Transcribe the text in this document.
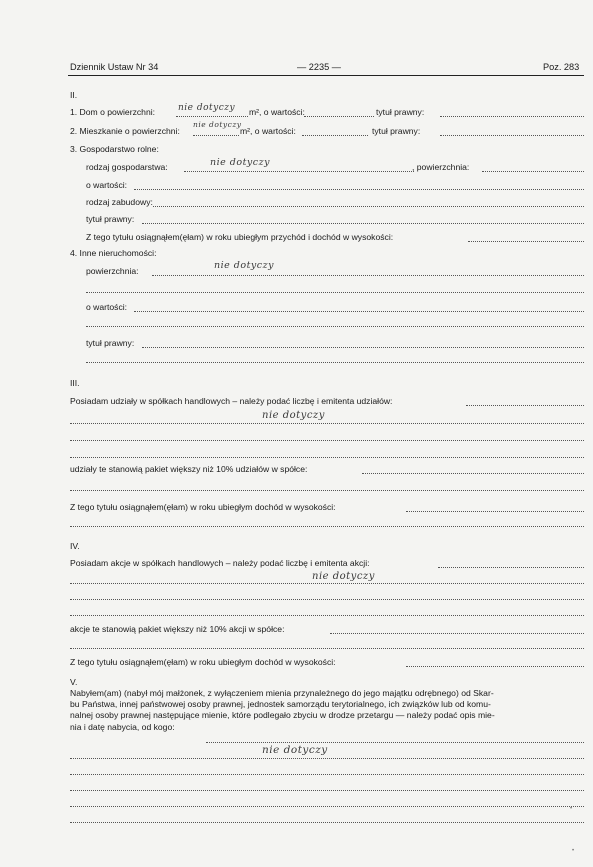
Dziennik Ustaw Nr 34	— 2235 —	Poz. 283
II.
1. Dom o powierzchni:	nie dotyczy m², o wartości:	tytuł prawny:
2. Mieszkanie o powierzchni:
nie dotyczy
m², o wartości:	tytuł prawny:
3. Gospodarstwo rolne:
rodzaj gospodarstwa:	nie dotyczy	, powierzchnia:
o wartości:
rodzaj zabudowy:
tytuł prawny:
Z tego tytułu osiągnąłem(ęłam) w roku ubiegłym przychód i dochód w wysokości:
4. Inne nieruchomości:
powierzchnia:	nie dotyczy
o wartości:
tytuł prawny:
III.
Posiadam udziały w spółkach handlowych – należy podać liczbę i emitenta udziałów:
nie dotyczy
udziały te stanowią pakiet większy niż 10% udziałów w spółce:
Z tego tytułu osiągnąłem(ęłam) w roku ubiegłym dochód w wysokości:
IV.
Posiadam akcje w spółkach handlowych – należy podać liczbę i emitenta akcji:
nie dotyczy
akcje te stanowią pakiet większy niż 10% akcji w spółce:
Z tego tytułu osiągnąłem(ęłam) w roku ubiegłym dochód w wysokości:
V.
Nabyłem(am) (nabył mój małżonek, z wyłączeniem mienia przynależnego do jego majątku odrębnego) od Skar-
bu Państwa, innej państwowej osoby prawnej, jednostek samorządu terytorialnego, ich związków lub od komu-
nalnej osoby prawnej następujące mienie, które podlegało zbyciu w drodze przetargu — należy podać opis mie-
nia i datę nabycia, od kogo:
nie dotyczy
•
•
